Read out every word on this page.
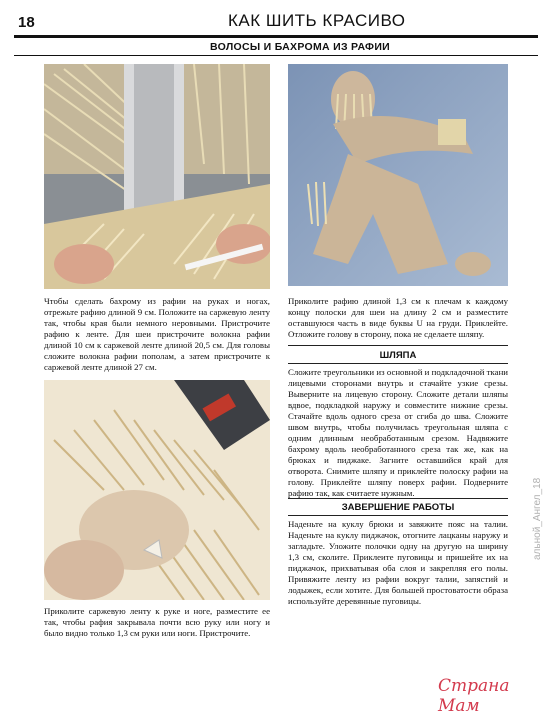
18	КАК ШИТЬ КРАСИВО
ВОЛОСЫ И БАХРОМА ИЗ РАФИИ

Чтобы сделать бахрому из рафии на руках и ногах, отрежьте рафию длиной 9 см. Положите на саржевую ленту так, чтобы края были немного неровными. Пристрочите рафию к ленте. Для шеи пристрочите волокна рафии длиной 10 см к саржевой ленте длиной 20,5 см. Для головы сложите волокна рафии пополам, а затем пристрочите к саржевой ленте длиной 27 см.

Приколите саржевую ленту к руке и ноге, разместите ее так, чтобы рафия закрывала почти всю руку или ногу и было видно только 1,3 см руки или ноги. Пристрочите.

Приколите рафию длиной 1,3 см к плечам к каждому концу полоски для шеи на длину 2 см и разместите оставшуюся часть в виде буквы U на груди. Приклейте. Отложите голову в сторону, пока не сделаете шляпу.

ШЛЯПА

Сложите треугольники из основной и подкладочной ткани лицевыми сторонами внутрь и стачайте узкие срезы. Выверните на лицевую сторону. Сложите детали шляпы вдвое, подкладкой наружу и совместите нижние срезы. Стачайте вдоль одного среза от сгиба до шва. Сложите швом внутрь, чтобы получилась треугольная шляпа с одним длинным необработанным срезом. Надвяжите бахрому вдоль необработанного среза так же, как на брюках и пиджаке. Загните оставшийся край для отворота. Снимите шляпу и приклейте полоску рафии на голову. Приклейте шляпу поверх рафии. Подверните рафию так, как считаете нужным.

ЗАВЕРШЕНИЕ РАБОТЫ

Наденьте на куклу брюки и завяжите пояс на талии. Наденьте на куклу пиджачок, отогните лацканы наружу и загладьте. Уложите полочки одну на другую на ширину 1,3 см, сколите. Приклеите пуговицы и пришейте их на пиджачок, прихватывая оба слоя и закрепляя его полы. Привяжите ленту из рафии вокруг талии, запястий и лодыжек, если хотите. Для большей простоватости образа используйте деревянные пуговицы.

альной_Ангел_18
Страна Мам
